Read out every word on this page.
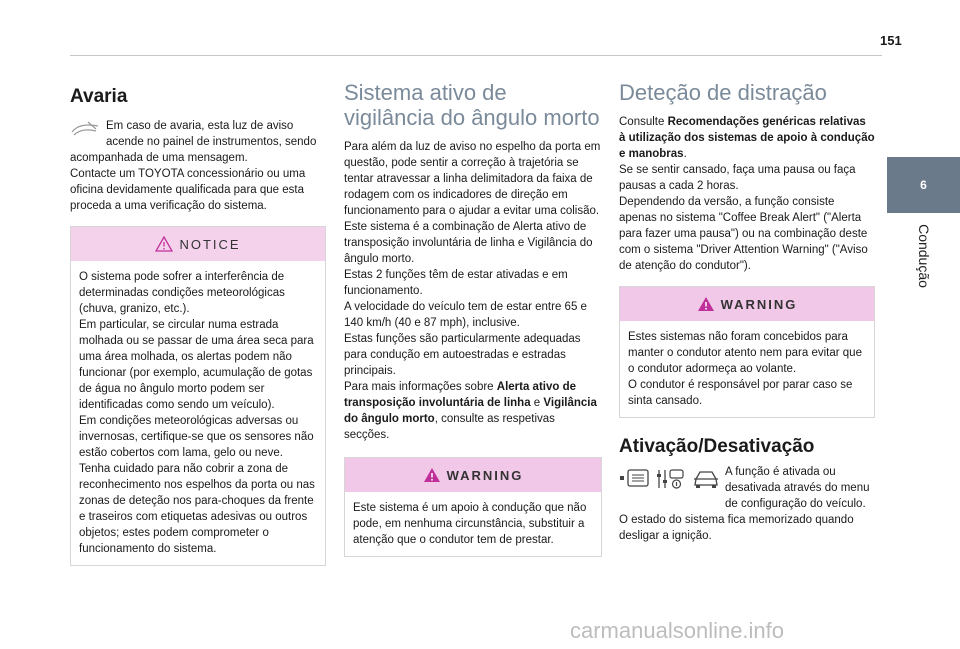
151
6
Condução
Avaria

Em caso de avaria, esta luz de aviso acende no painel de instrumentos, sendo acompanhada de uma mensagem.

Contacte um TOYOTA concessionário ou uma oficina devidamente qualificada para que esta proceda a uma verificação do sistema.

NOTICE

O sistema pode sofrer a interferência de determinadas condições meteorológicas (chuva, granizo, etc.).

Em particular, se circular numa estrada molhada ou se passar de uma área seca para uma área molhada, os alertas podem não funcionar (por exemplo, acumulação de gotas de água no ângulo morto podem ser identificadas como sendo um veículo).

Em condições meteorológicas adversas ou invernosas, certifique-se que os sensores não estão cobertos com lama, gelo ou neve.

Tenha cuidado para não cobrir a zona de reconhecimento nos espelhos da porta ou nas zonas de deteção nos para-choques da frente e traseiros com etiquetas adesivas ou outros objetos; estes podem comprometer o funcionamento do sistema.

Sistema ativo de vigilância do ângulo morto

Para além da luz de aviso no espelho da porta em questão, pode sentir a correção à trajetória se tentar atravessar a linha delimitadora da faixa de rodagem com os indicadores de direção em funcionamento para o ajudar a evitar uma colisão.

Este sistema é a combinação de Alerta ativo de transposição involuntária de linha e Vigilância do ângulo morto.

Estas 2 funções têm de estar ativadas e em funcionamento.

A velocidade do veículo tem de estar entre 65 e 140 km/h (40 e 87 mph), inclusive.

Estas funções são particularmente adequadas para condução em autoestradas e estradas principais.

Para mais informações sobre Alerta ativo de transposição involuntária de linha e Vigilância do ângulo morto, consulte as respetivas secções.

WARNING

Este sistema é um apoio à condução que não pode, em nenhuma circunstância, substituir a atenção que o condutor tem de prestar.

Deteção de distração

Consulte Recomendações genéricas relativas à utilização dos sistemas de apoio à condução e manobras.

Se se sentir cansado, faça uma pausa ou faça pausas a cada 2 horas.

Dependendo da versão, a função consiste apenas no sistema "Coffee Break Alert" ("Alerta para fazer uma pausa") ou na combinação deste com o sistema "Driver Attention Warning" ("Aviso de atenção do condutor").

WARNING

Estes sistemas não foram concebidos para manter o condutor atento nem para evitar que o condutor adormeça ao volante.

O condutor é responsável por parar caso se sinta cansado.

Ativação/Desativação

A função é ativada ou desativada através do menu de configuração do veículo.

O estado do sistema fica memorizado quando desligar a ignição.

carmanualsonline.info
